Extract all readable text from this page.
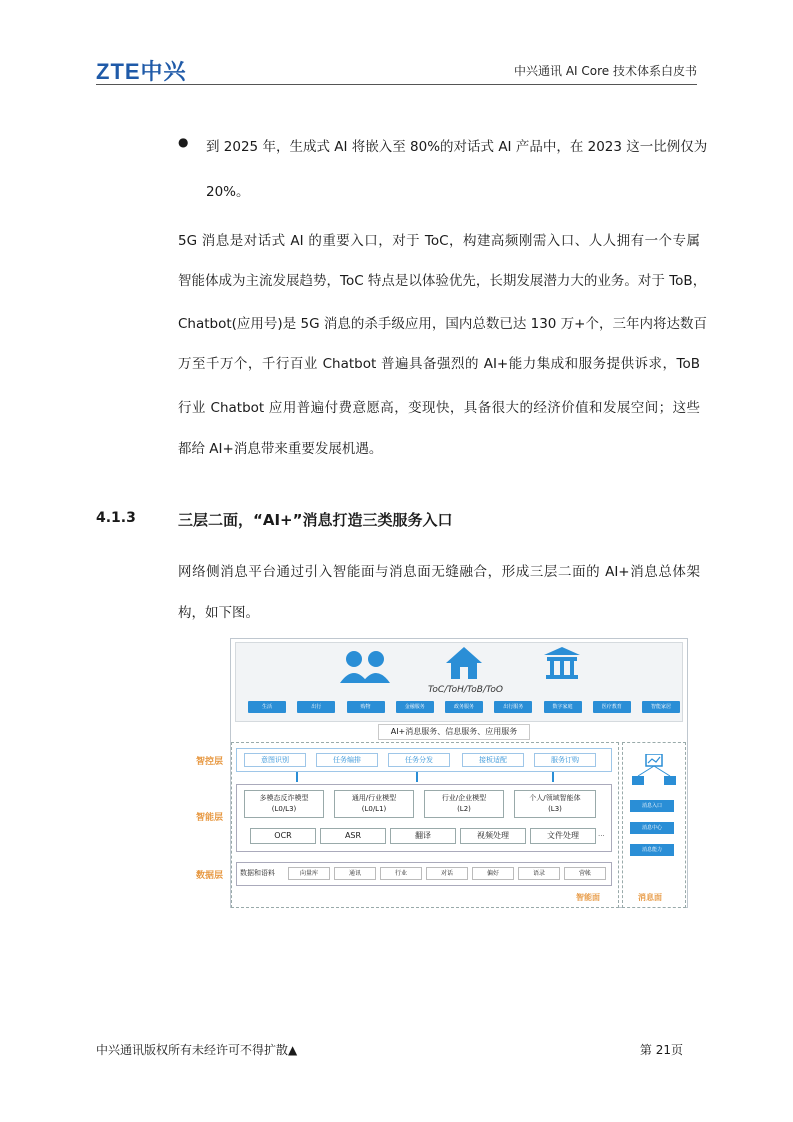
ZTE中兴	中兴通讯 AI Core 技术体系白皮书
● 到 2025 年，生成式 AI 将嵌入至 80%的对话式 AI 产品中，在 2023 这一比例仅为
20%。
5G 消息是对话式 AI 的重要入口，对于 ToC，构建高频刚需入口、人人拥有一个专属
智能体成为主流发展趋势，ToC 特点是以体验优先，长期发展潜力大的业务。对于 ToB，
Chatbot(应用号)是 5G 消息的杀手级应用，国内总数已达 130 万+个，三年内将达数百
万至千万个，千行百业 Chatbot 普遍具备强烈的 AI+能力集成和服务提供诉求，ToB
行业 Chatbot 应用普遍付费意愿高，变现快，具备很大的经济价值和发展空间；这些
都给 AI+消息带来重要发展机遇。
4.1.3	三层二面，“AI+”消息打造三类服务入口
网络侧消息平台通过引入智能面与消息面无缝融合，形成三层二面的 AI+消息总体架
构，如下图。
ToC/ToH/ToB/ToO
生活	出行	购物	金融服务	政务服务	出行服务	数字家庭	医疗教育	智能家居
AI+消息服务、信息服务、应用服务
智控层
智能层
数据层
意图识别	任务编排	任务分发	接板适配	服务订购
多模态反诈模型
(L0/L3)
通用/行业模型
(L0/L1)
行业/企业模型
(L2)
个人/领域智能体
(L3)
OCR	ASR	翻译	视频处理	文件处理	...
数据和语料	向量库	通讯	行业	对话	偏好	语录	营帐
智能面
消息入口
消息中心
消息能力
消息面
中兴通讯版权所有未经许可不得扩散▲	第 21页
